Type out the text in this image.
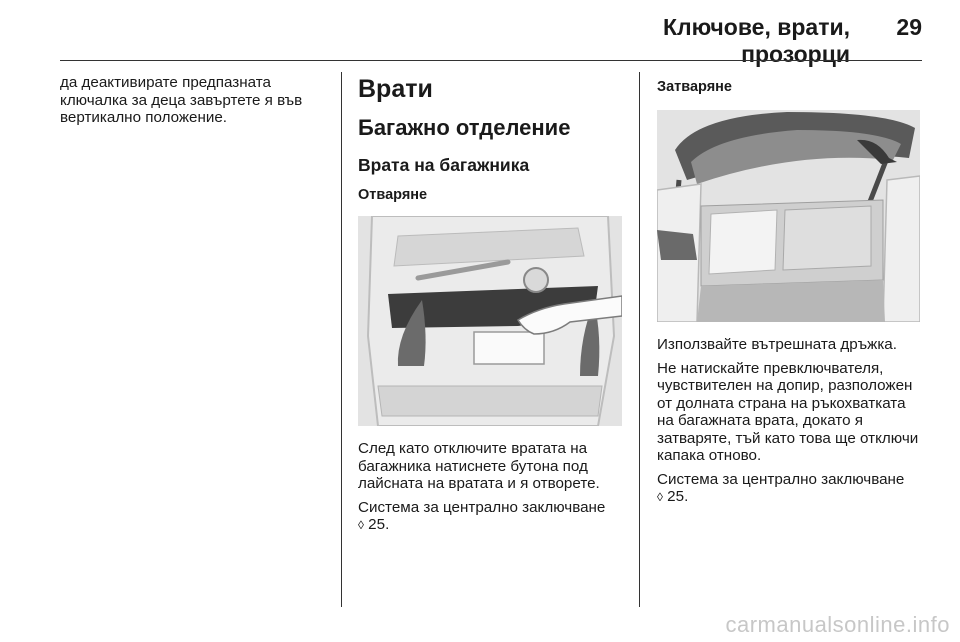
Ключове, врати, прозорци
29

да деактивирате предпазната ключалка за деца завъртете я във вертикално положение.

Врати
Багажно отделение
Врата на багажника
Отваряне

След като отключите вратата на багажника натиснете бутона под лайсната на вратата и я отворете.

Система за централно заключване
◊ 25.

Затваряне

Използвайте вътрешната дръжка.

Не натискайте превключвателя, чувствителен на допир, разположен от долната страна на ръкохватката на багажната врата, докато я затваряте, тъй като това ще отключи капака отново.

Система за централно заключване
◊ 25.

carmanualsonline.info
